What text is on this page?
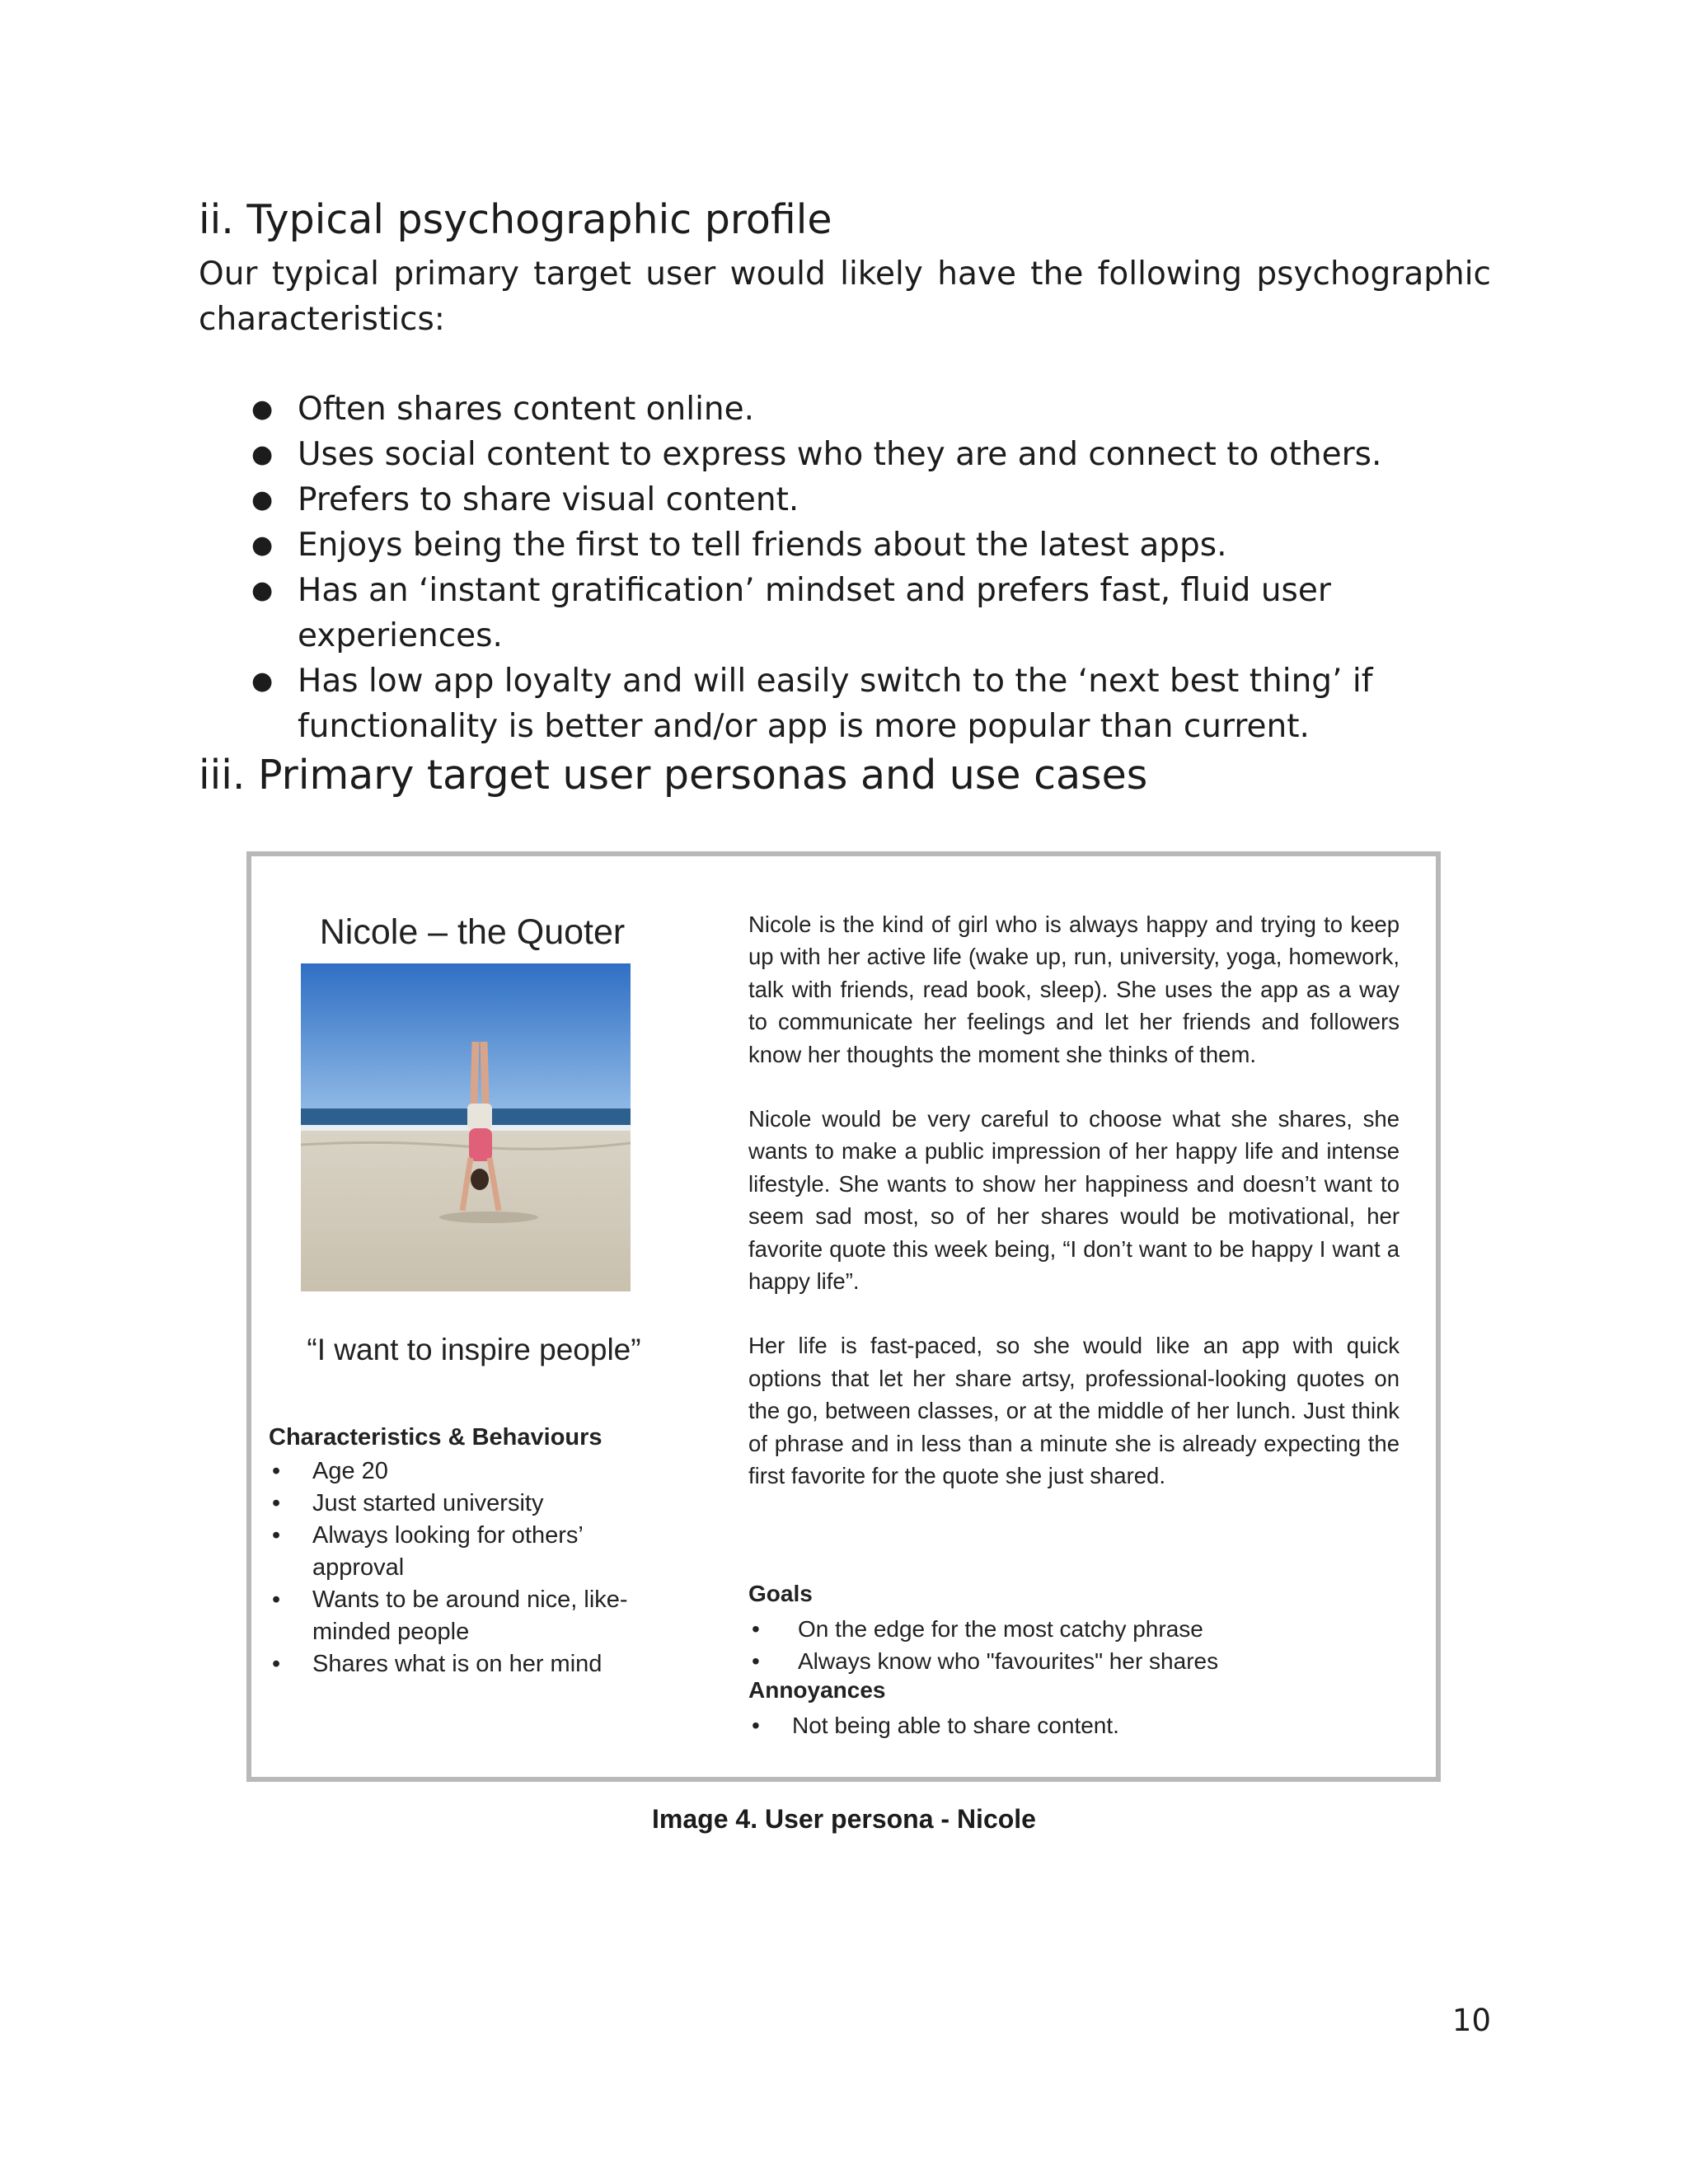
ii. Typical psychographic profile

Our typical primary target user would likely have the following psychographic characteristics:

● Often shares content online.
● Uses social content to express who they are and connect to others.
● Prefers to share visual content.
● Enjoys being the first to tell friends about the latest apps.
● Has an ‘instant gratification’ mindset and prefers fast, fluid user experiences.
● Has low app loyalty and will easily switch to the ‘next best thing’ if functionality is better and/or app is more popular than current.
iii. Primary target user personas and use cases
Nicole – the Quoter
“I want to inspire people”
Characteristics & Behaviours
• Age 20
• Just started university
• Always looking for others’ approval
• Wants to be around nice, like-minded people
• Shares what is on her mind

Nicole is the kind of girl who is always happy and trying to keep up with her active life (wake up, run, university, yoga, homework, talk with friends, read book, sleep). She uses the app as a way to communicate her feelings and let her friends and followers know her thoughts the moment she thinks of them.

Nicole would be very careful to choose what she shares, she wants to make a public impression of her happy life and intense lifestyle. She wants to show her happiness and doesn’t want to seem sad most, so of her shares would be motivational, her favorite quote this week being, “I don’t want to be happy I want a happy life”.

Her life is fast-paced, so she would like an app with quick options that let her share artsy, professional-looking quotes on the go, between classes, or at the middle of her lunch. Just think of phrase and in less than a minute she is already expecting the first favorite for the quote she just shared.

Goals
• On the edge for the most catchy phrase
• Always know who "favourites" her shares
Annoyances
• Not being able to share content.
Image 4. User persona - Nicole
10
